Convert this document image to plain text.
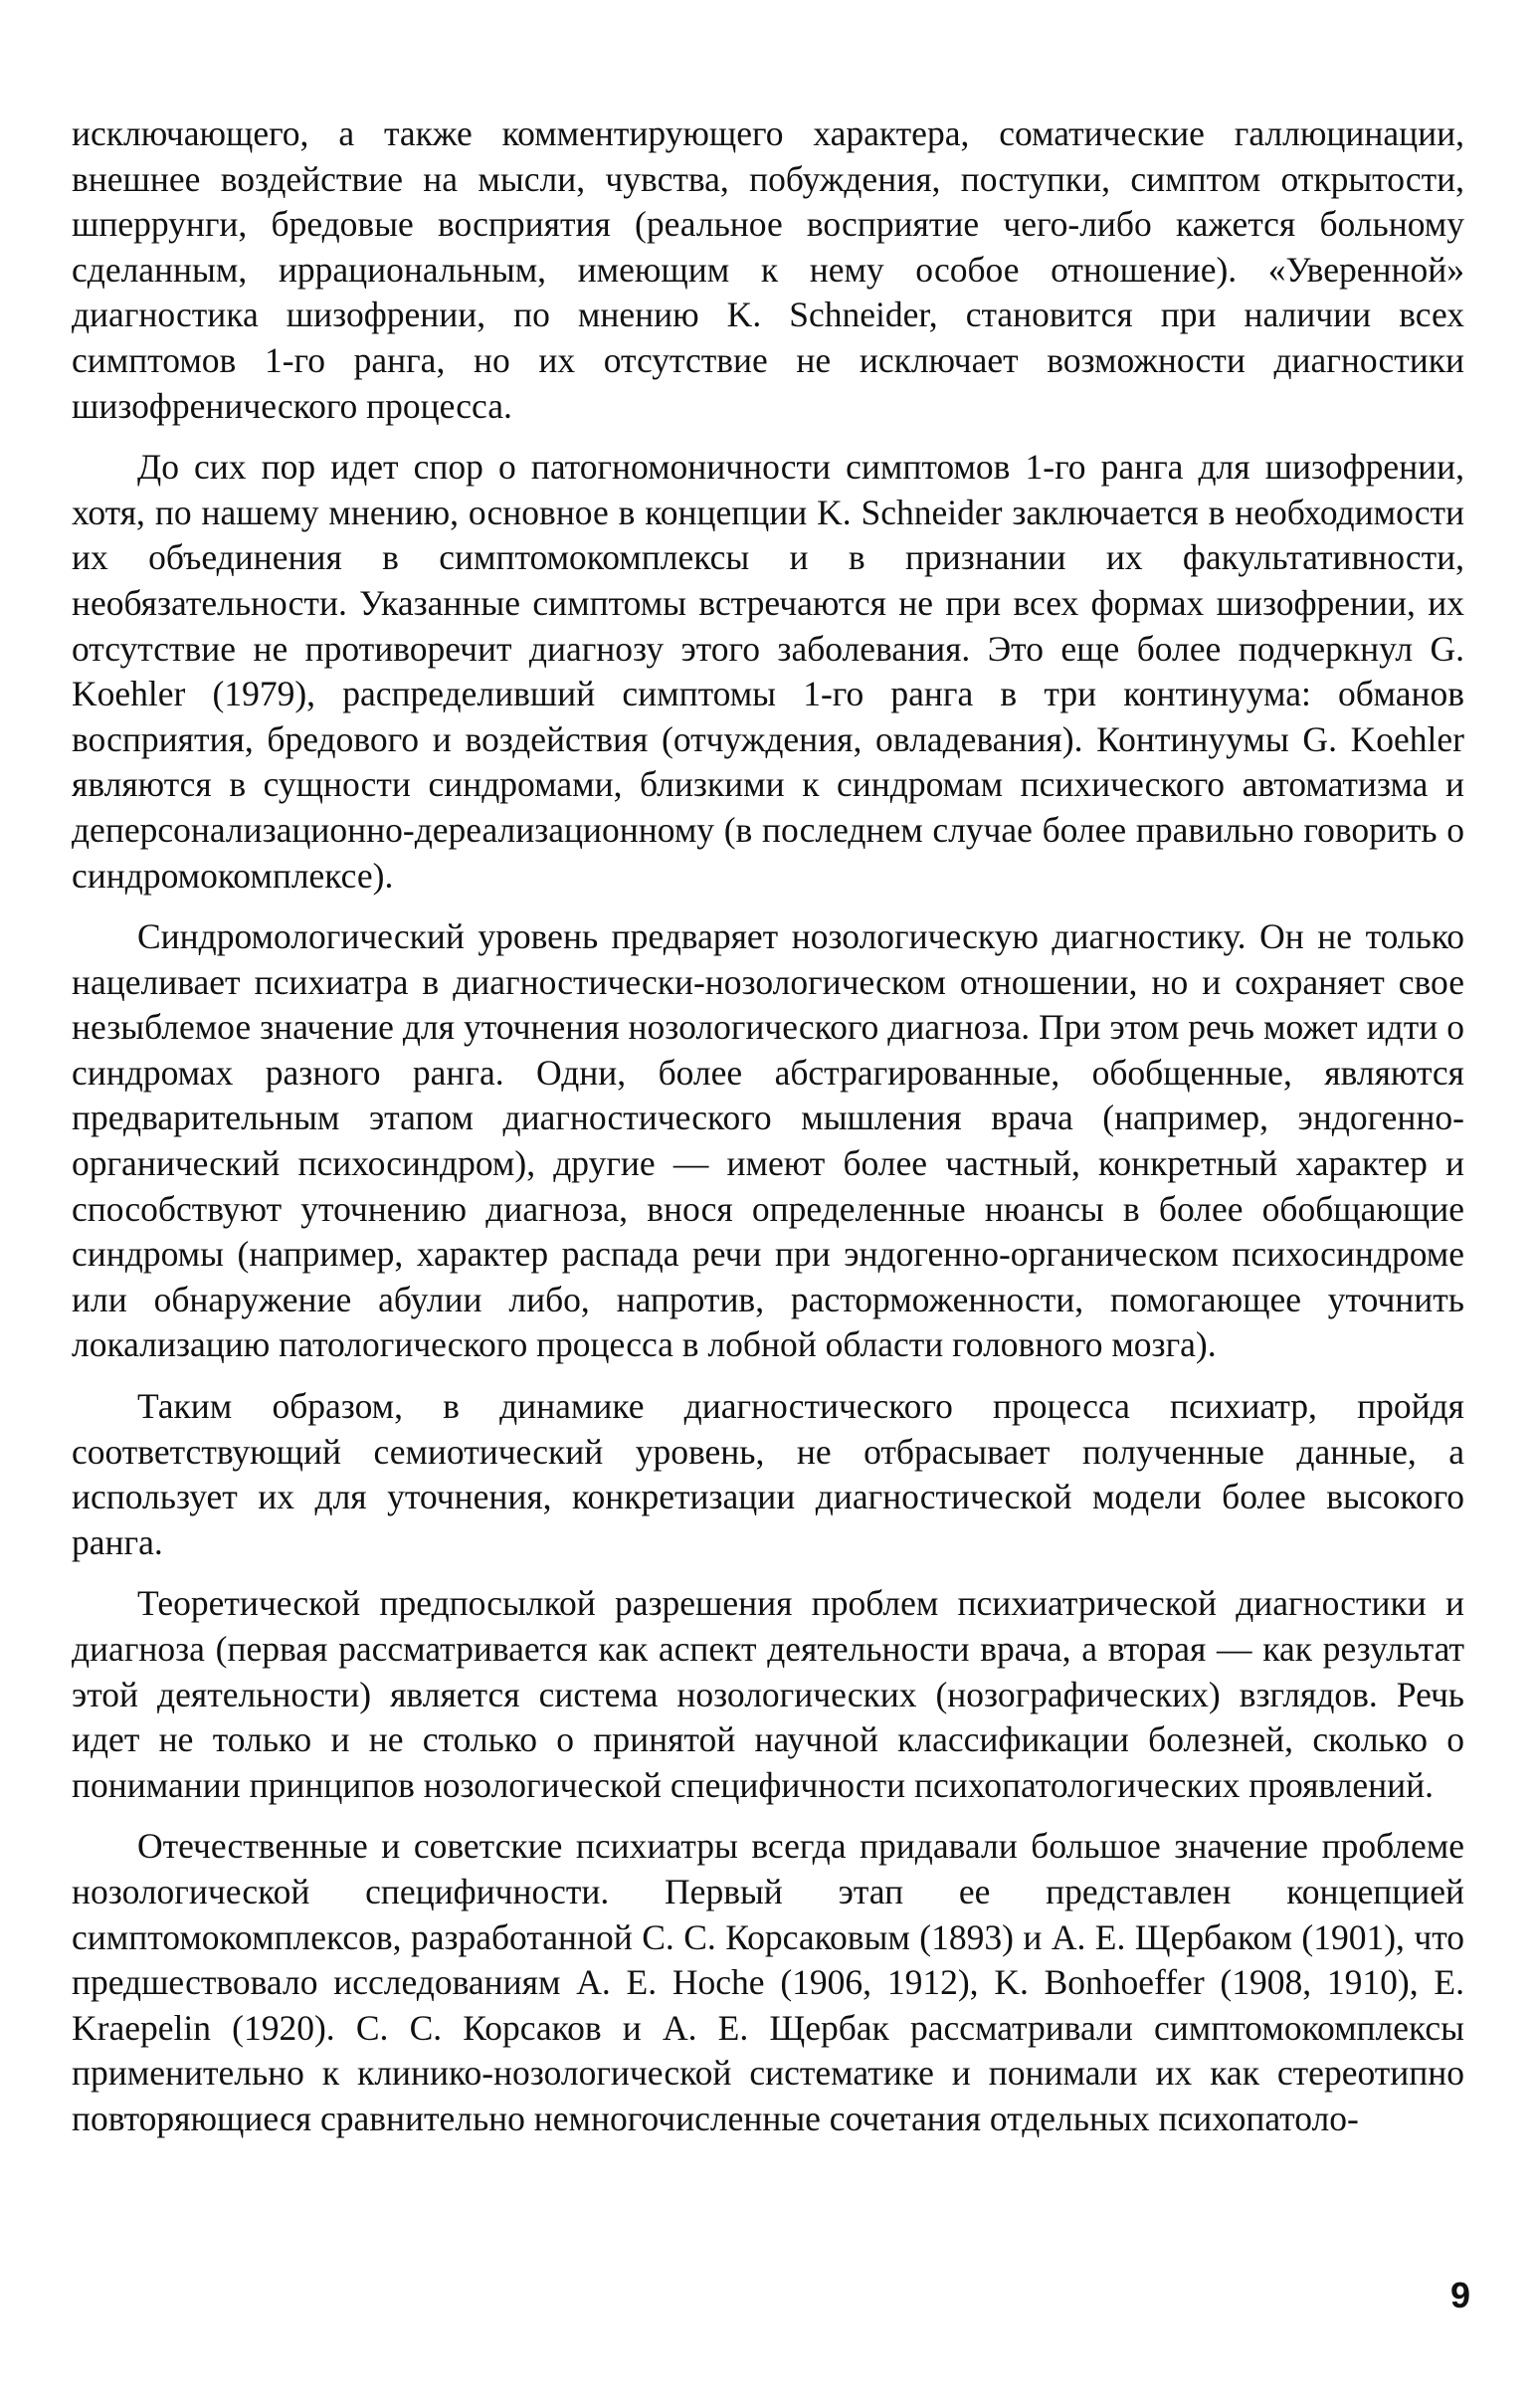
исключающего, а также комментирующего характера, соматические галлюцинации, внешнее воздействие на мысли, чувства, побуждения, поступки, симптом открытости, шперрунги, бредовые восприятия (реальное восприятие чего-либо кажется больному сделанным, иррациональным, имеющим к нему особое отношение). «Уверенной» диагностика шизофрении, по мнению K. Schneider, становится при наличии всех симптомов 1-го ранга, но их отсутствие не исключает возможности диагностики шизофренического процесса.

До сих пор идет спор о патогномоничности симптомов 1-го ранга для шизофрении, хотя, по нашему мнению, основное в концепции K. Schneider заключается в необходимости их объединения в симптомокомплексы и в признании их факультативности, необязательности. Указанные симптомы встречаются не при всех формах шизофрении, их отсутствие не противоречит диагнозу этого заболевания. Это еще более подчеркнул G. Koehler (1979), распределивший симптомы 1-го ранга в три континуума: обманов восприятия, бредового и воздействия (отчуждения, овладевания). Континуумы G. Koehler являются в сущности синдромами, близкими к синдромам психического автоматизма и деперсонализационно-дереализационному (в последнем случае более правильно говорить о синдромокомплексе).

Синдромологический уровень предваряет нозологическую диагностику. Он не только нацеливает психиатра в диагностически-нозологическом отношении, но и сохраняет свое незыблемое значение для уточнения нозологического диагноза. При этом речь может идти о синдромах разного ранга. Одни, более абстрагированные, обобщенные, являются предварительным этапом диагностического мышления врача (например, эндогенно-органический психосиндром), другие — имеют более частный, конкретный характер и способствуют уточнению диагноза, внося определенные нюансы в более обобщающие синдромы (например, характер распада речи при эндогенно-органическом психосиндроме или обнаружение абулии либо, напротив, расторможенности, помогающее уточнить локализацию патологического процесса в лобной области головного мозга).

Таким образом, в динамике диагностического процесса психиатр, пройдя соответствующий семиотический уровень, не отбрасывает полученные данные, а использует их для уточнения, конкретизации диагностической модели более высокого ранга.

Теоретической предпосылкой разрешения проблем психиатрической диагностики и диагноза (первая рассматривается как аспект деятельности врача, а вторая — как результат этой деятельности) является система нозологических (нозографических) взглядов. Речь идет не только и не столько о принятой научной классификации болезней, сколько о понимании принципов нозологической специфичности психопатологических проявлений.

Отечественные и советские психиатры всегда придавали большое значение проблеме нозологической специфичности. Первый этап ее представлен концепцией симптомокомплексов, разработанной С. С. Корсаковым (1893) и А. Е. Щербаком (1901), что предшествовало исследованиям A. E. Hoche (1906, 1912), K. Bonhoeffer (1908, 1910), E. Kraepelin (1920). С. С. Корсаков и А. Е. Щербак рассматривали симптомокомплексы применительно к клинико-нозологической систематике и понимали их как стереотипно повторяющиеся сравнительно немногочисленные сочетания отдельных психопатоло-

9
